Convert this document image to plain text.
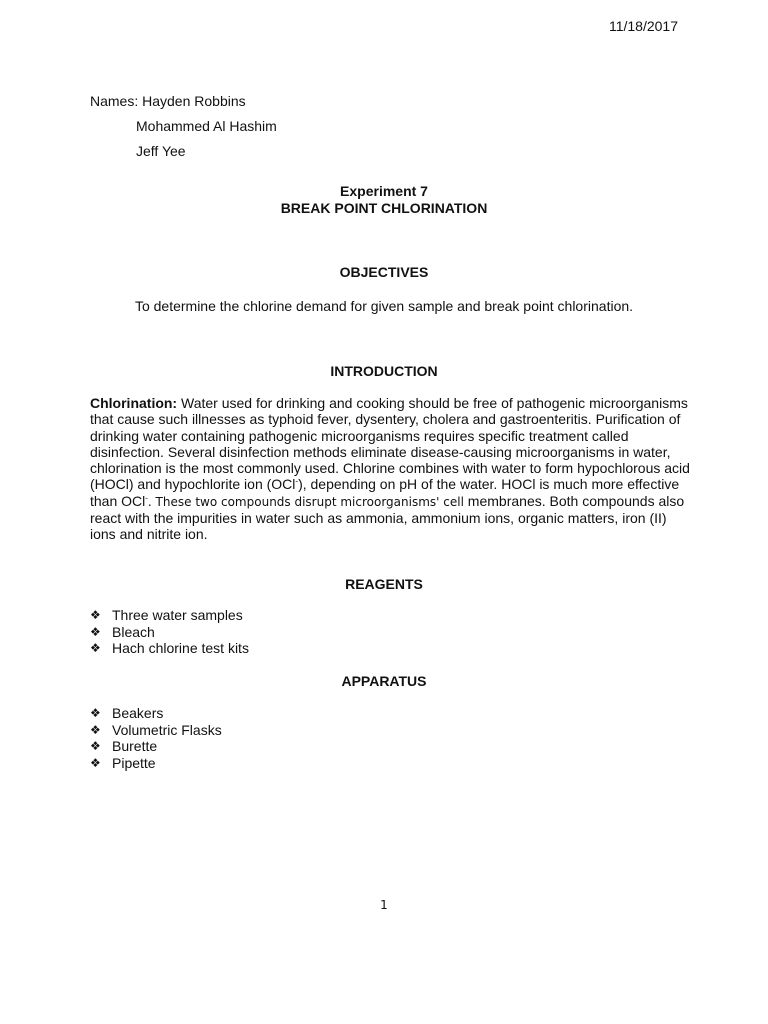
11/18/2017
Names: Hayden Robbins
Mohammed Al Hashim
Jeff Yee
Experiment 7
BREAK POINT CHLORINATION
OBJECTIVES
To determine the chlorine demand for given sample and break point chlorination.
INTRODUCTION
Chlorination: Water used for drinking and cooking should be free of pathogenic microorganisms that cause such illnesses as typhoid fever, dysentery, cholera and gastroenteritis. Purification of drinking water containing pathogenic microorganisms requires specific treatment called disinfection. Several disinfection methods eliminate disease-causing microorganisms in water, chlorination is the most commonly used. Chlorine combines with water to form hypochlorous acid (HOCl) and hypochlorite ion (OCl-), depending on pH of the water. HOCl is much more effective than OCl-. These two compounds disrupt microorganisms' cell membranes. Both compounds also react with the impurities in water such as ammonia, ammonium ions, organic matters, iron (II) ions and nitrite ion.
REAGENTS
❖ Three water samples
❖ Bleach
❖ Hach chlorine test kits
APPARATUS
❖ Beakers
❖ Volumetric Flasks
❖ Burette
❖ Pipette
1
